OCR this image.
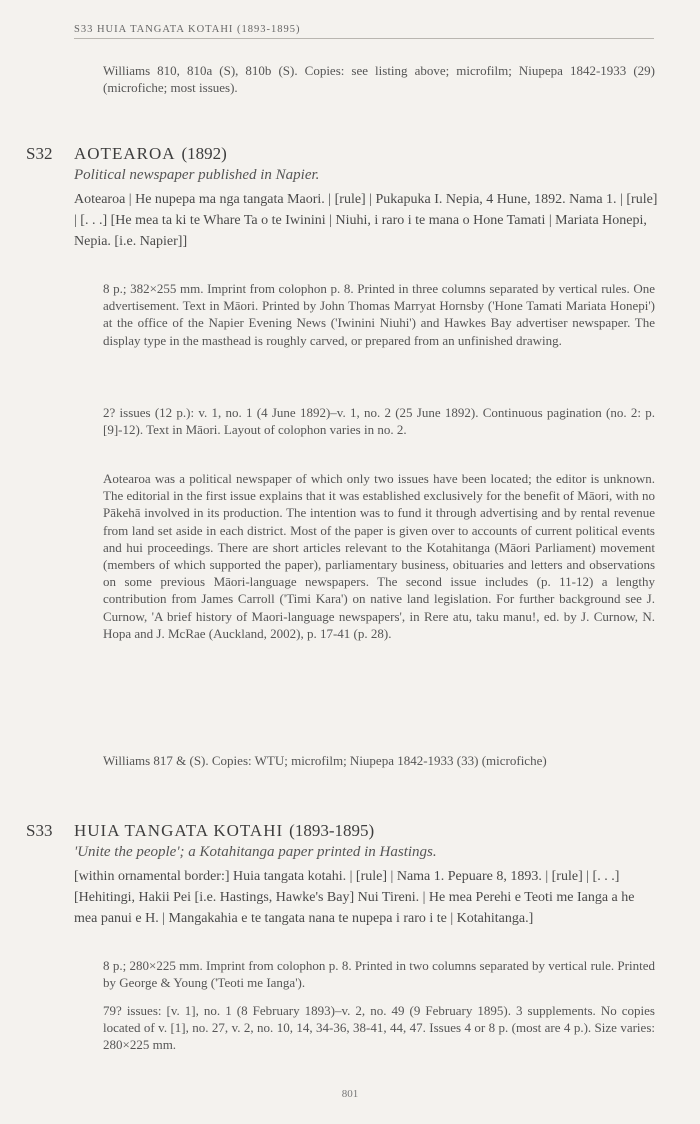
S33 HUIA TANGATA KOTAHI (1893-1895)

Williams 810, 810a (S), 810b (S). Copies: see listing above; microfilm; Niupepa 1842-1933 (29) (microfiche; most issues).

S32 AOTEAROA (1892)
Political newspaper published in Napier.
Aotearoa | He nupepa ma nga tangata Maori. | [rule] | Pukapuka I. Nepia, 4 Hune, 1892. Nama 1. | [rule] | [. . .] [He mea ta ki te Whare Ta o te Iwinini | Niuhi, i raro i te mana o Hone Tamati | Mariata Honepi, Nepia. [i.e. Napier]]

8 p.; 382×255 mm. Imprint from colophon p. 8. Printed in three columns separated by vertical rules. One advertisement. Text in Māori. Printed by John Thomas Marryat Hornsby ('Hone Tamati Mariata Honepi') at the office of the Napier Evening News ('Iwinini Niuhi') and Hawkes Bay advertiser newspaper. The display type in the masthead is roughly carved, or prepared from an unfinished drawing.

2? issues (12 p.): v. 1, no. 1 (4 June 1892)–v. 1, no. 2 (25 June 1892). Continuous pagination (no. 2: p. [9]-12). Text in Māori. Layout of colophon varies in no. 2.

Aotearoa was a political newspaper of which only two issues have been located; the editor is unknown. The editorial in the first issue explains that it was established exclusively for the benefit of Māori, with no Pākehā involved in its production. The intention was to fund it through advertising and by rental revenue from land set aside in each district. Most of the paper is given over to accounts of current political events and hui proceedings. There are short articles relevant to the Kotahitanga (Māori Parliament) movement (members of which supported the paper), parliamentary business, obituaries and letters and observations on some previous Māori-language newspapers. The second issue includes (p. 11-12) a lengthy contribution from James Carroll ('Timi Kara') on native land legislation. For further background see J. Curnow, 'A brief history of Maori-language newspapers', in Rere atu, taku manu!, ed. by J. Curnow, N. Hopa and J. McRae (Auckland, 2002), p. 17-41 (p. 28).

Williams 817 & (S). Copies: WTU; microfilm; Niupepa 1842-1933 (33) (microfiche)

S33 HUIA TANGATA KOTAHI (1893-1895)
'Unite the people'; a Kotahitanga paper printed in Hastings.
[within ornamental border:] Huia tangata kotahi. | [rule] | Nama 1. Pepuare 8, 1893. | [rule] | [. . .] [Hehitingi, Hakii Pei [i.e. Hastings, Hawke's Bay] Nui Tireni. | He mea Perehi e Teoti me Ianga a he mea panui e H. | Mangakahia e te tangata nana te nupepa i raro i te | Kotahitanga.]

8 p.; 280×225 mm. Imprint from colophon p. 8. Printed in two columns separated by vertical rule. Printed by George & Young ('Teoti me Ianga').

79? issues: [v. 1], no. 1 (8 February 1893)–v. 2, no. 49 (9 February 1895). 3 supplements. No copies located of v. [1], no. 27, v. 2, no. 10, 14, 34-36, 38-41, 44, 47. Issues 4 or 8 p. (most are 4 p.). Size varies: 280×225 mm.

801
